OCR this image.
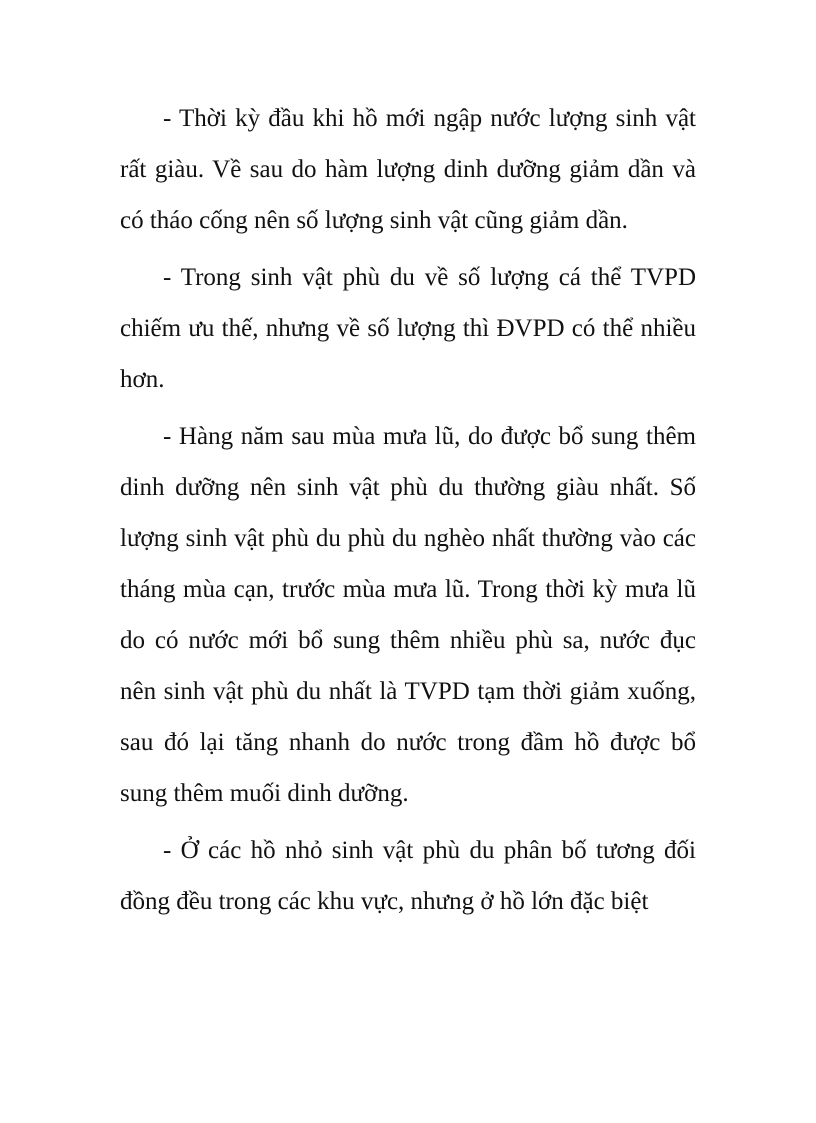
- Thời kỳ đầu khi hồ mới ngập nước lượng sinh vật rất giàu. Về sau do hàm lượng dinh dưỡng giảm dần và có tháo cống nên số lượng sinh vật cũng giảm dần.

- Trong sinh vật phù du về số lượng cá thể TVPD chiếm ưu thế, nhưng về số lượng thì ĐVPD có thể nhiều hơn.

- Hàng năm sau mùa mưa lũ, do được bổ sung thêm dinh dưỡng nên sinh vật phù du thường giàu nhất. Số lượng sinh vật phù du phù du nghèo nhất thường vào các tháng mùa cạn, trước mùa mưa lũ. Trong thời kỳ mưa lũ do có nước mới bổ sung thêm nhiều phù sa, nước đục nên sinh vật phù du nhất là TVPD tạm thời giảm xuống, sau đó lại tăng nhanh do nước trong đầm hồ được bổ sung thêm muối dinh dưỡng.

- Ở các hồ nhỏ sinh vật phù du phân bố tương đối đồng đều trong các khu vực, nhưng ở hồ lớn đặc biệt
